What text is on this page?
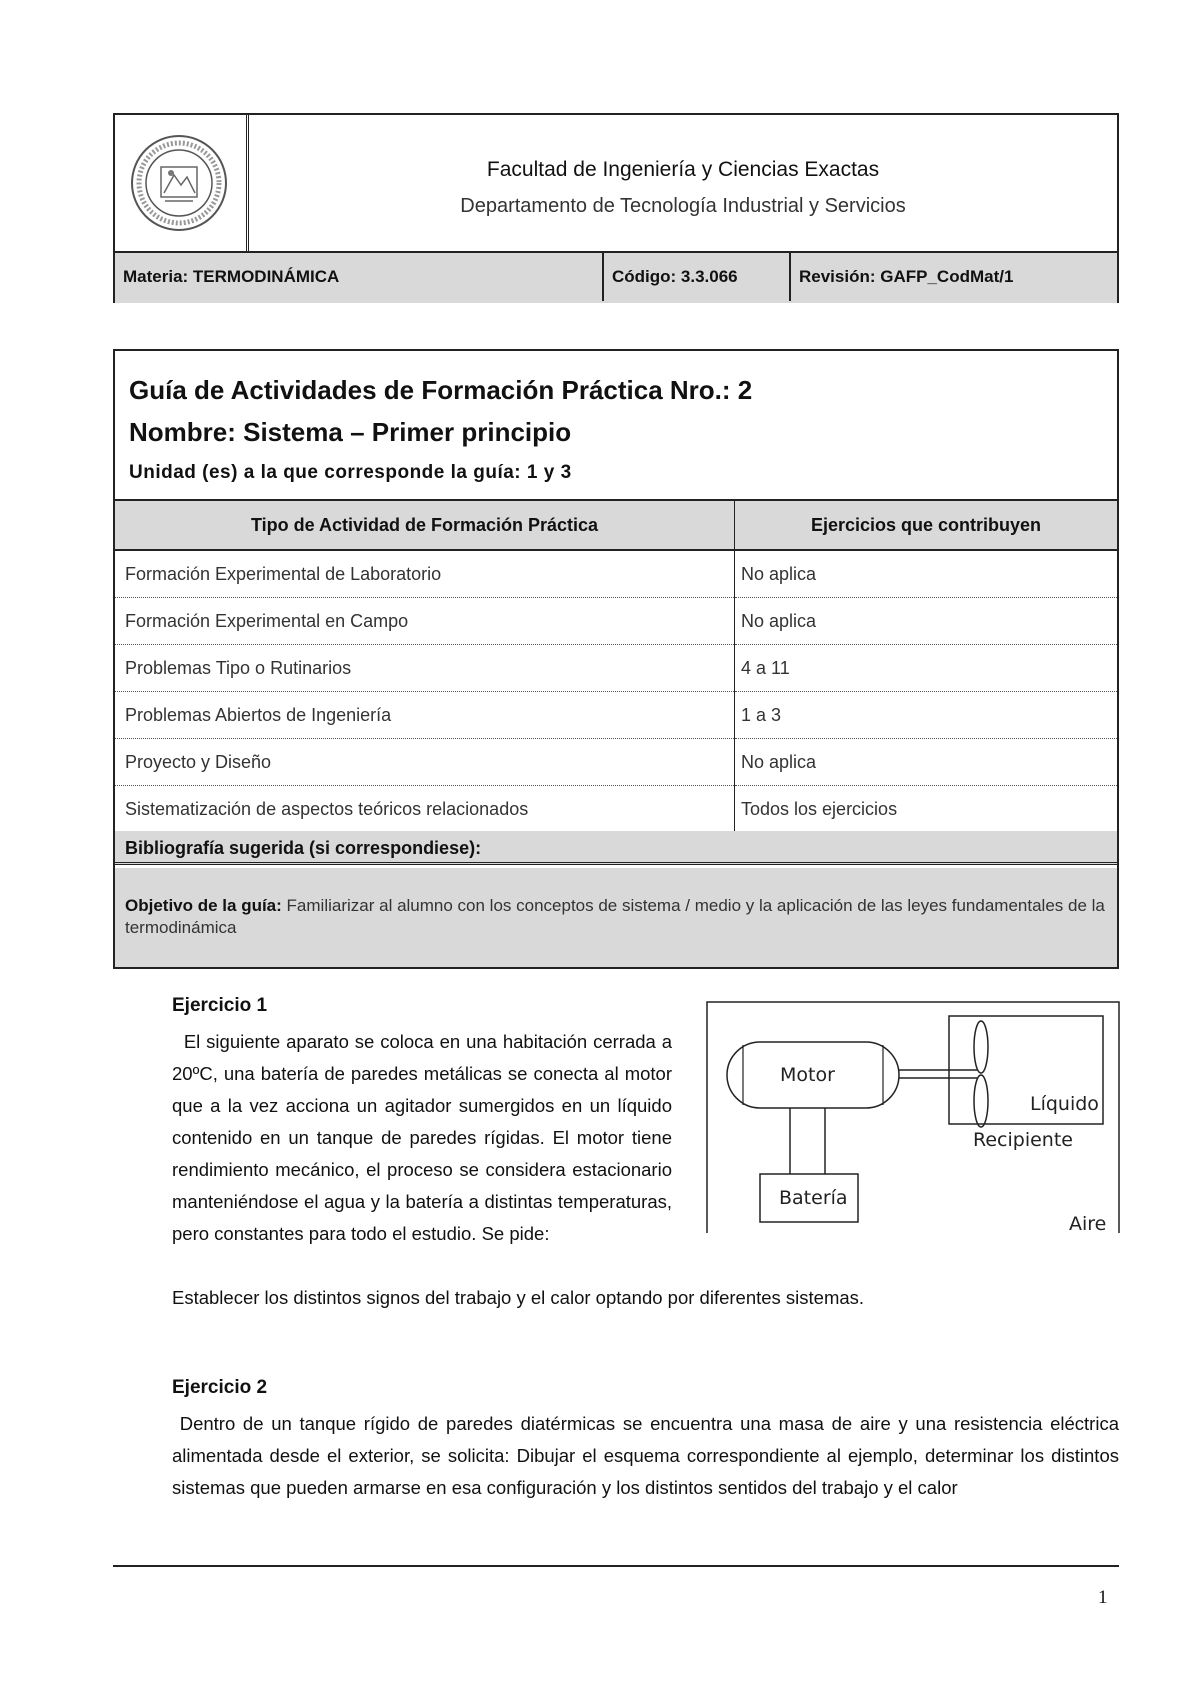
Facultad de Ingeniería y Ciencias Exactas
Departamento de Tecnología Industrial y Servicios
Materia: TERMODINÁMICA	Código: 3.3.066	Revisión: GAFP_CodMat/1
Guía de Actividades de Formación Práctica Nro.: 2
Nombre: Sistema – Primer principio
Unidad (es) a la que corresponde la guía: 1 y 3
Tipo de Actividad de Formación Práctica	Ejercicios que contribuyen
Formación Experimental de Laboratorio	No aplica
Formación Experimental en Campo	No aplica
Problemas Tipo o Rutinarios	4 a 11
Problemas Abiertos de Ingeniería	1 a 3
Proyecto y Diseño	No aplica
Sistematización de aspectos teóricos relacionados	Todos los ejercicios
Bibliografía sugerida (si correspondiese):
Objetivo de la guía: Familiarizar al alumno con los conceptos de sistema / medio y la aplicación de las leyes fundamentales de la termodinámica
Ejercicio 1
El siguiente aparato se coloca en una habitación cerrada a 20ºC, una batería de paredes metálicas se conecta al motor que a la vez acciona un agitador sumergidos en un líquido contenido en un tanque de paredes rígidas. El motor tiene rendimiento mecánico, el proceso se considera estacionario manteniéndose el agua y la batería a distintas temperaturas, pero constantes para todo el estudio. Se pide:
Establecer los distintos signos del trabajo y el calor optando por diferentes sistemas.
Motor
Líquido
Recipiente
Batería
Aire
Ejercicio 2
Dentro de un tanque rígido de paredes diatérmicas se encuentra una masa de aire y una resistencia eléctrica alimentada desde el exterior, se solicita: Dibujar el esquema correspondiente al ejemplo, determinar los distintos sistemas que pueden armarse en esa configuración y los distintos sentidos del trabajo y el calor
1
